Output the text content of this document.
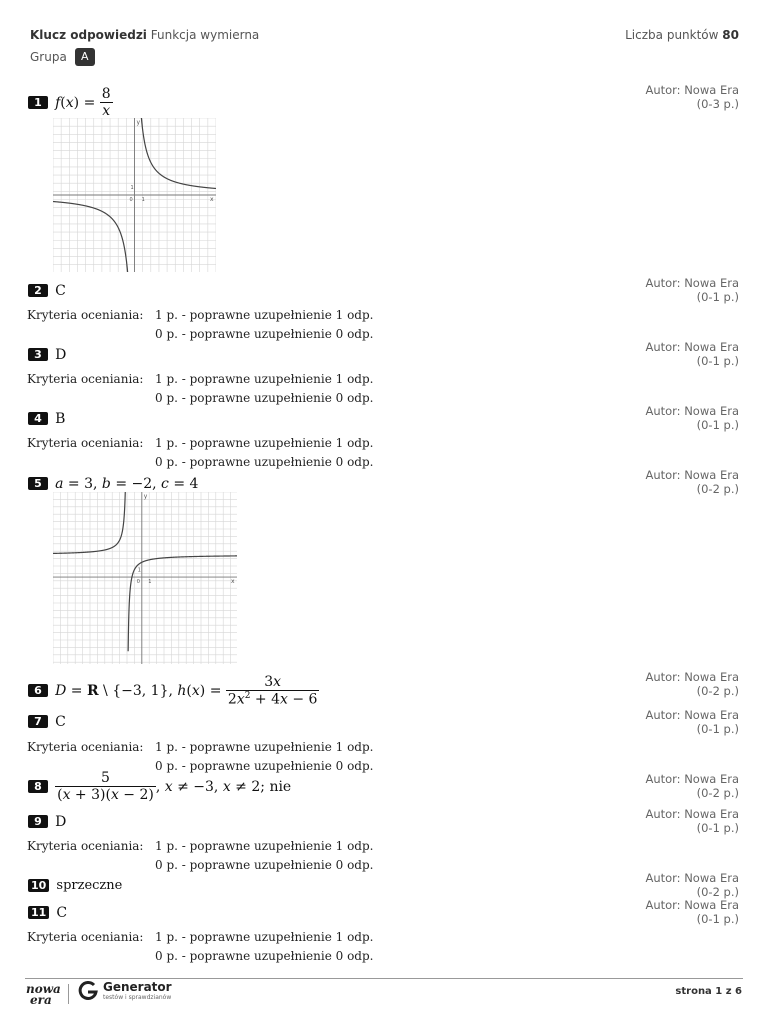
Klucz odpowiedzi Funkcja wymierna	Liczba punktów 80
Grupa	A
1 $f(x) = \frac{8}{x}$	Autor: Nowa Era
(0-3 p.)
x
y
0 1
1
2 C	Autor: Nowa Era
(0-1 p.)
Kryteria oceniania: 1 p. - poprawne uzupełnienie 1 odp.
0 p. - poprawne uzupełnienie 0 odp.
3 D	Autor: Nowa Era
(0-1 p.)
Kryteria oceniania: 1 p. - poprawne uzupełnienie 1 odp.
0 p. - poprawne uzupełnienie 0 odp.
4 B	Autor: Nowa Era
(0-1 p.)
Kryteria oceniania: 1 p. - poprawne uzupełnienie 1 odp.
0 p. - poprawne uzupełnienie 0 odp.
5 a = 3, b = −2, c = 4
Autor: Nowa Era
(0-2 p.)
x
y
0 1
1
6 D = R \ {−3, 1}, $h(x) = \frac{3x}{2x^2 + 4x - 6}$	Autor: Nowa Era
(0-2 p.)
7 C	Autor: Nowa Era
(0-1 p.)
Kryteria oceniania: 1 p. - poprawne uzupełnienie 1 odp.
0 p. - poprawne uzupełnienie 0 odp.
$8 \frac{5}{(x + 3)(x - 2)}$ , x ≠ −3, x ≠ 2; nie	Autor: Nowa Era
(0-2 p.)
9 D	Autor: Nowa Era
(0-1 p.)
Kryteria oceniania: 1 p. - poprawne uzupełnienie 1 odp.
0 p. - poprawne uzupełnienie 0 odp.
10 sprzeczne	Autor: Nowa Era
(0-2 p.)
11 C	Autor: Nowa Era
(0-1 p.)
Kryteria oceniania: 1 p. - poprawne uzupełnienie 1 odp.
0 p. - poprawne uzupełnienie 0 odp.
nowa
era
Generator
testów i sprawdzianów	strona 1 z 6
